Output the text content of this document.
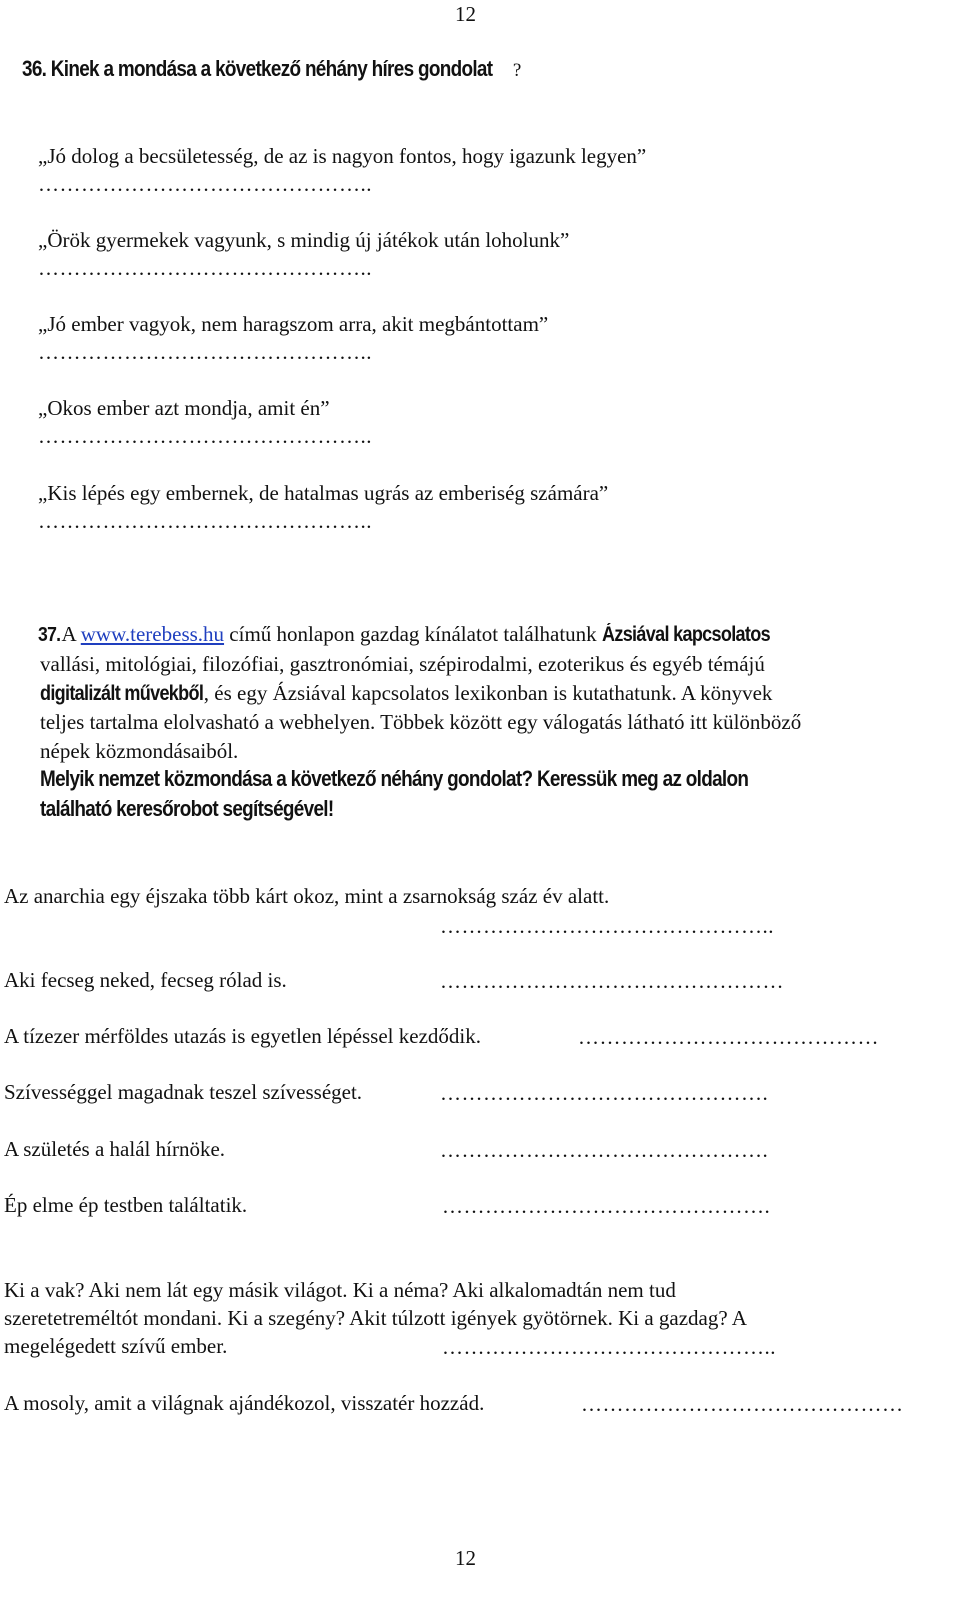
12
36. Kinek a mondása a következő néhány híres gondolat ?
„Jó dolog a becsületesség, de az is nagyon fontos, hogy igazunk legyen”
………………………………………..
„Örök gyermekek vagyunk, s mindig új játékok után loholunk”
………………………………………..
„Jó ember vagyok, nem haragszom arra, akit megbántottam”
………………………………………..
„Okos ember azt mondja, amit én”
………………………………………..
„Kis lépés egy embernek, de hatalmas ugrás az emberiség számára”
………………………………………..
37. A www.terebess.hu című honlapon gazdag kínálatot találhatunk Ázsiával kapcsolatos
vallási, mitológiai, filozófiai, gasztronómiai, szépirodalmi, ezoterikus és egyéb témájú
digitalizált művekből, és egy Ázsiával kapcsolatos lexikonban is kutathatunk. A könyvek
teljes tartalma elolvasható a webhelyen. Többek között egy válogatás látható itt különböző
népek közmondásaiból.
Melyik nemzet közmondása a következő néhány gondolat? Keressük meg az oldalon
található keresőrobot segítségével!
Az anarchia egy éjszaka több kárt okoz, mint a zsarnokság száz év alatt.
………………………………………..
Aki fecseg neked, fecseg rólad is.	…………………………………………
A tízezer mérföldes utazás is egyetlen lépéssel kezdődik.	……………………………………
Szívességgel magadnak teszel szívességet.	……………………………………….
A születés a halál hírnöke.	……………………………………….
Ép elme ép testben találtatik.	……………………………………….
Ki a vak? Aki nem lát egy másik világot. Ki a néma? Aki alkalomadtán nem tud
szeretetreméltót mondani. Ki a szegény? Akit túlzott igények gyötörnek. Ki a gazdag? A
megelégedett szívű ember.	………………………………………..
A mosoly, amit a világnak ajándékozol, visszatér hozzád.	………………………………………
12
